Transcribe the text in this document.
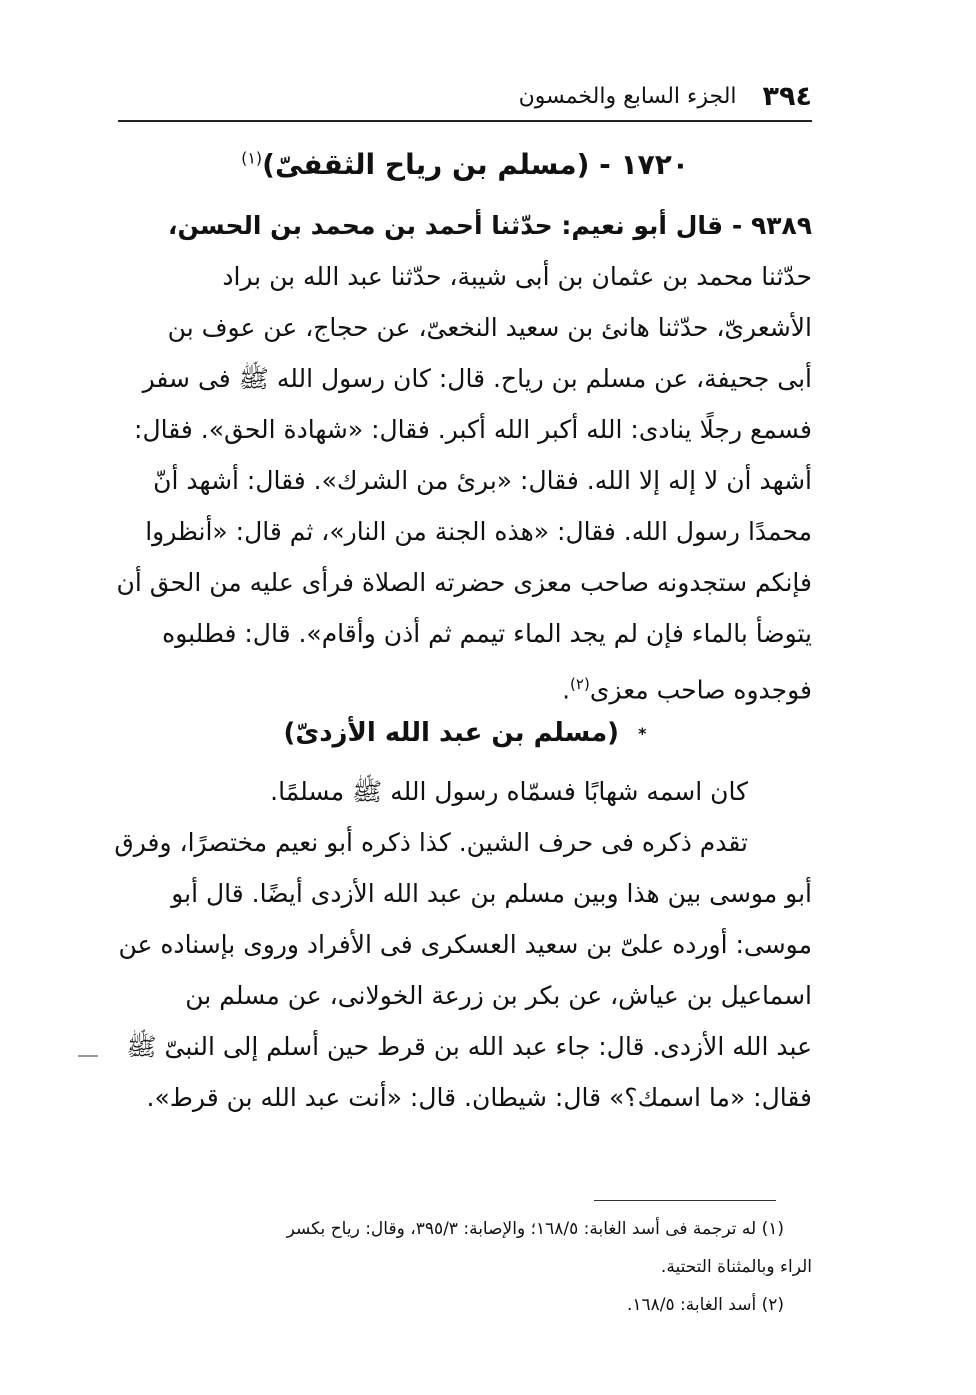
٣٩٤
الجزء السابع والخمسون
١٧٢٠ - (مسلم بن رياح الثقفىّ)$^{(١)}$
٩٣٨٩ - قال أبو نعيم: حدّثنا أحمد بن محمد بن الحسن،
حدّثنا محمد بن عثمان بن أبى شيبة، حدّثنا عبد الله بن براد
الأشعرىّ، حدّثنا هانئ بن سعيد النخعىّ، عن حجاج، عن عوف بن
أبى جحيفة، عن مسلم بن رياح. قال: كان رسول الله ﷺ فى سفر
فسمع رجلًا ينادى: الله أكبر الله أكبر. فقال: «شهادة الحق». فقال:
أشهد أن لا إله إلا الله. فقال: «برئ من الشرك». فقال: أشهد أنّ
محمدًا رسول الله. فقال: «هذه الجنة من النار»، ثم قال: «أنظروا
فإنكم ستجدونه صاحب معزى حضرته الصلاة فرأى عليه من الحق أن
يتوضأ بالماء فإن لم يجد الماء تيمم ثم أذن وأقام». قال: فطلبوه
فوجدوه صاحب معزى$^{(٢)}$.
* (مسلم بن عبد الله الأزدىّ)
كان اسمه شهابًا فسمّاه رسول الله ﷺ مسلمًا.
تقدم ذكره فى حرف الشين. كذا ذكره أبو نعيم مختصرًا، وفرق
أبو موسى بين هذا وبين مسلم بن عبد الله الأزدى أيضًا. قال أبو
موسى: أورده علىّ بن سعيد العسكرى فى الأفراد وروى بإسناده عن
اسماعيل بن عياش، عن بكر بن زرعة الخولانى، عن مسلم بن
عبد الله الأزدى. قال: جاء عبد الله بن قرط حين أسلم إلى النبىّ ﷺ
فقال: «ما اسمك؟» قال: شيطان. قال: «أنت عبد الله بن قرط».
(١) له ترجمة فى أسد الغابة: ١٦٨/٥؛ والإصابة: ٣٩٥/٣، وقال: رياح بكسر
الراء وبالمثناة التحتية.
(٢) أسد الغابة: ١٦٨/٥.
